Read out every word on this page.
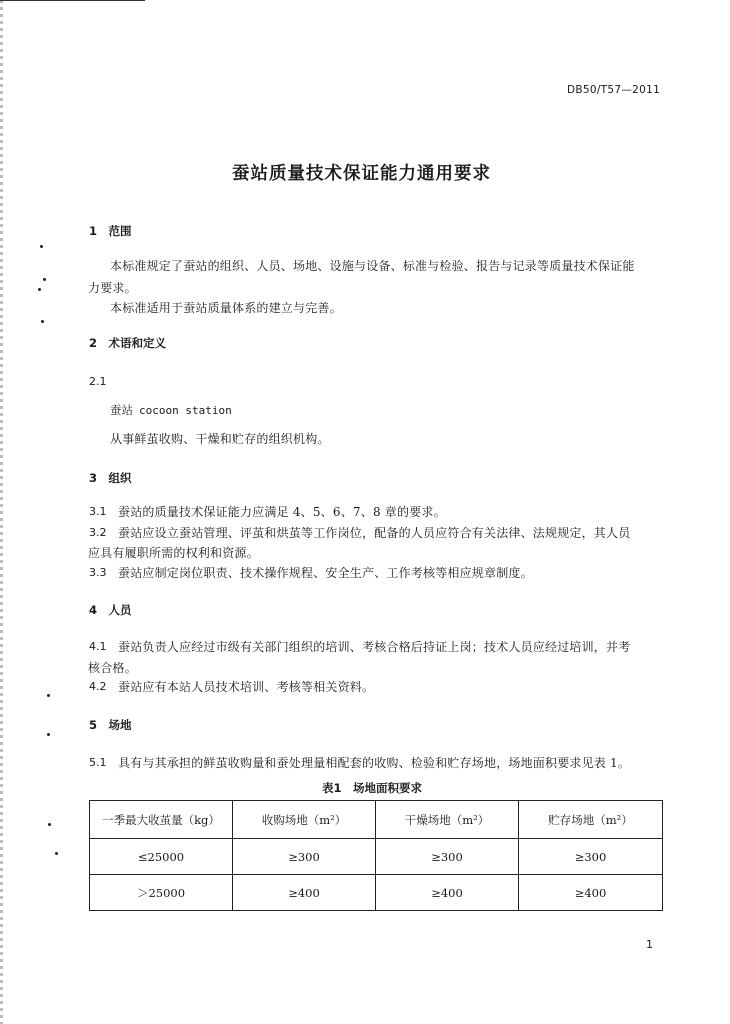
DB50/T57—2011
蚕站质量技术保证能力通用要求
1　范围
本标准规定了蚕站的组织、人员、场地、设施与设备、标准与检验、报告与记录等质量技术保证能
力要求。
本标准适用于蚕站质量体系的建立与完善。
2　术语和定义
2.1
蚕站 cocoon station
从事鲜茧收购、干燥和贮存的组织机构。
3　组织
3.1 蚕站的质量技术保证能力应满足 4、5、6、7、8 章的要求。
3.2 蚕站应设立蚕站管理、评茧和烘茧等工作岗位，配备的人员应符合有关法律、法规规定，其人员
应具有履职所需的权利和资源。
3.3 蚕站应制定岗位职责、技术操作规程、安全生产、工作考核等相应规章制度。
4　人员
4.1 蚕站负责人应经过市级有关部门组织的培训、考核合格后持证上岗；技术人员应经过培训，并考
核合格。
4.2 蚕站应有本站人员技术培训、考核等相关资料。
5　场地
5.1 具有与其承担的鲜茧收购量和蚕处理量相配套的收购、检验和贮存场地，场地面积要求见表 1。
表1　场地面积要求
一季最大收茧量（kg）	收购场地（m²）	干燥场地（m²）	贮存场地（m²）
≤25000	≥300	≥300	≥300
＞25000	≥400	≥400	≥400
1
